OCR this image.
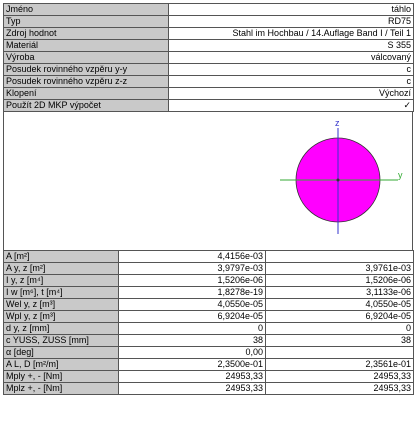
Jméno	táhlo
Typ	RD75
Zdroj hodnot	Stahl im Hochbau / 14.Auflage Band I / Teil 1
Materiál	S 355
Výroba	válcovaný
Posudek rovinného vzpěru y-y	c
Posudek rovinného vzpěru z-z	c
Klopení	Výchozí
Použít 2D MKP výpočet	✓
z
y
A [m²]	4,4156e-03	
A y, z [m²]	3,9797e-03	3,9761e-03
I y, z [m⁴]	1,5206e-06	1,5206e-06
I w [m⁶], t [m⁴]	1,8278e-19	3,1133e-06
Wel y, z [m³]	4,0550e-05	4,0550e-05
Wpl y, z [m³]	6,9204e-05	6,9204e-05
d y, z [mm]	0	0
c YUSS, ZUSS [mm]	38	38
α [deg]	0,00	
A L, D [m²/m]	2,3500e-01	2,3561e-01
Mply +, - [Nm]	24953,33	24953,33
Mplz +, - [Nm]	24953,33	24953,33
